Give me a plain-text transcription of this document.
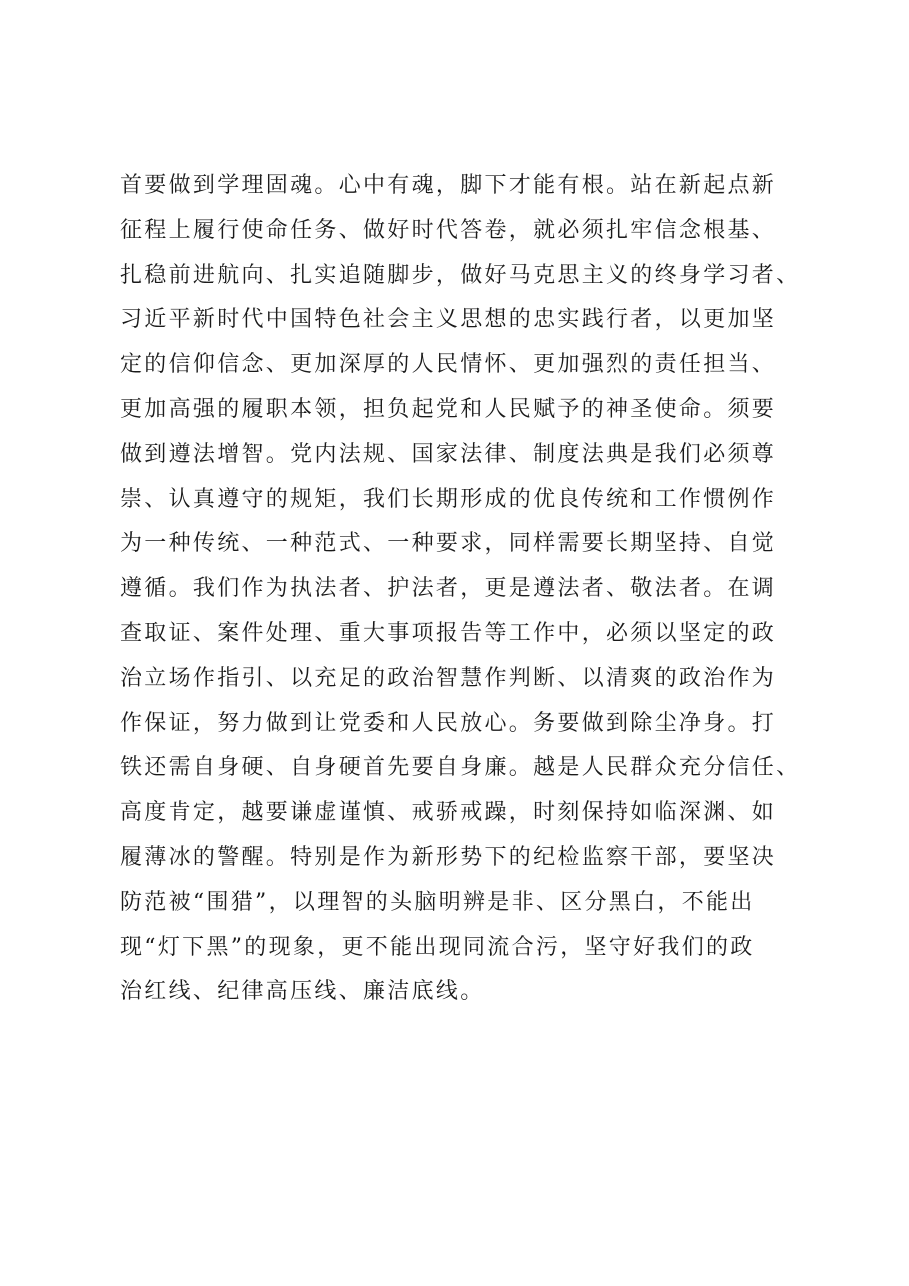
首要做到学理固魂。心中有魂，脚下才能有根。站在新起点新
征程上履行使命任务、做好时代答卷，就必须扎牢信念根基、
扎稳前进航向、扎实追随脚步，做好马克思主义的终身学习者、
习近平新时代中国特色社会主义思想的忠实践行者，以更加坚
定的信仰信念、更加深厚的人民情怀、更加强烈的责任担当、
更加高强的履职本领，担负起党和人民赋予的神圣使命。须要
做到遵法增智。党内法规、国家法律、制度法典是我们必须尊
崇、认真遵守的规矩，我们长期形成的优良传统和工作惯例作
为一种传统、一种范式、一种要求，同样需要长期坚持、自觉
遵循。我们作为执法者、护法者，更是遵法者、敬法者。在调
查取证、案件处理、重大事项报告等工作中，必须以坚定的政
治立场作指引、以充足的政治智慧作判断、以清爽的政治作为
作保证，努力做到让党委和人民放心。务要做到除尘净身。打
铁还需自身硬、自身硬首先要自身廉。越是人民群众充分信任、
高度肯定，越要谦虚谨慎、戒骄戒躁，时刻保持如临深渊、如
履薄冰的警醒。特别是作为新形势下的纪检监察干部，要坚决
防范被“围猎”，以理智的头脑明辨是非、区分黑白，不能出
现“灯下黑”的现象，更不能出现同流合污，坚守好我们的政
治红线、纪律高压线、廉洁底线。
